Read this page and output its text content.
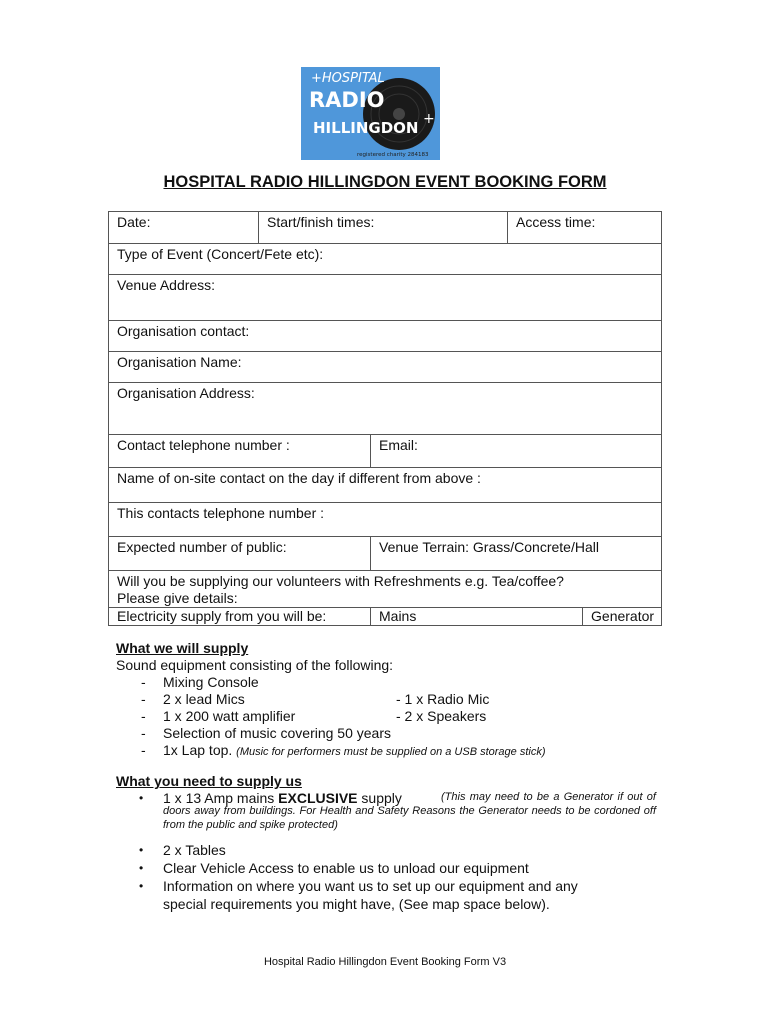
+HOSPITAL
RADIO
HILLINGDON +
registered charity 284183
HOSPITAL RADIO HILLINGDON EVENT BOOKING FORM
Date:	Start/finish times:		Access time:	
Type of Event (Concert/Fete etc):				
Venue Address:				
Organisation contact:				
Organisation Name:				
Organisation Address:				
Contact telephone number :		Email:		
Name of on-site contact on the day if different from above :				
This contacts telephone number :				
Expected number of public:		Venue Terrain: Grass/Concrete/Hall		

Will you be supplying our volunteers with Refreshments e.g. Tea/coffee?
Please give details:				

Electricity supply from you will be:		Mains		Generator
What we will supply
Sound equipment consisting of the following:
- Mixing Console
- 2 x lead Mics	- 1 x Radio Mic
- 1 x 200 watt amplifier	- 2 x Speakers
- Selection of music covering 50 years
- 1x Lap top. (Music for performers must be supplied on a USB storage stick)
What you need to supply us
• 1 x 13 Amp mains EXCLUSIVE supply	(This may need to be a Generator if out of doors away from buildings. For Health and Safety Reasons the Generator needs to be cordoned off from the public and spike protected)
• 2 x Tables
• Clear Vehicle Access to enable us to unload our equipment
• Information on where you want us to set up our equipment and any
special requirements you might have, (See map space below).
Hospital Radio Hillingdon Event Booking Form V3
